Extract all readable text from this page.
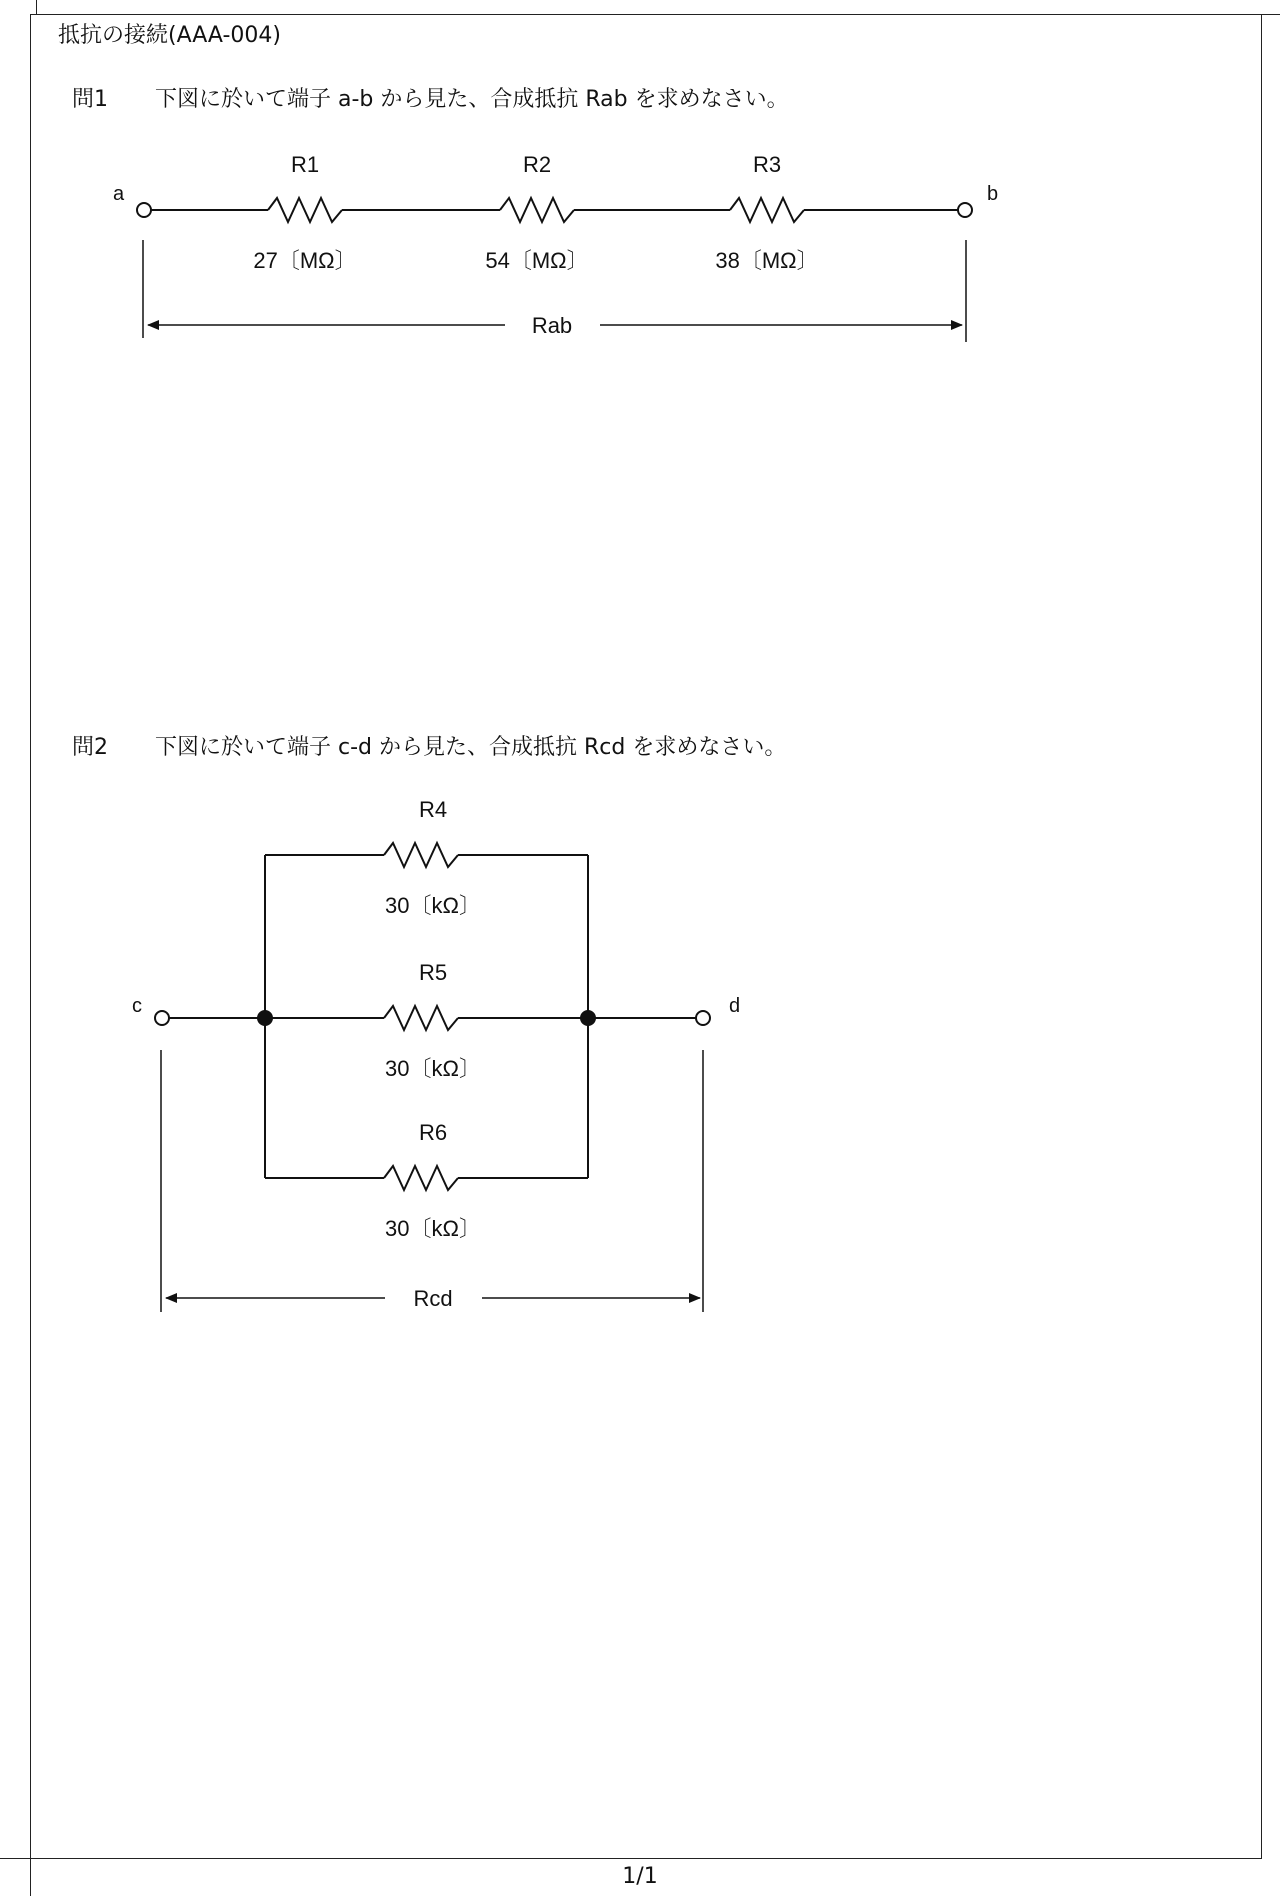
抵抗の接続(AAA-004)
問1 下図に於いて端子 a-b から見た、合成抵抗 Rab を求めなさい。
問2 下図に於いて端子 c-d から見た、合成抵抗 Rcd を求めなさい。
a	b
R1	R2	R3
27〔MΩ〕	54〔MΩ〕	38〔MΩ〕
Rab
c	d
R4
30〔kΩ〕
R5
30〔kΩ〕
R6
30〔kΩ〕
Rcd
1/1
